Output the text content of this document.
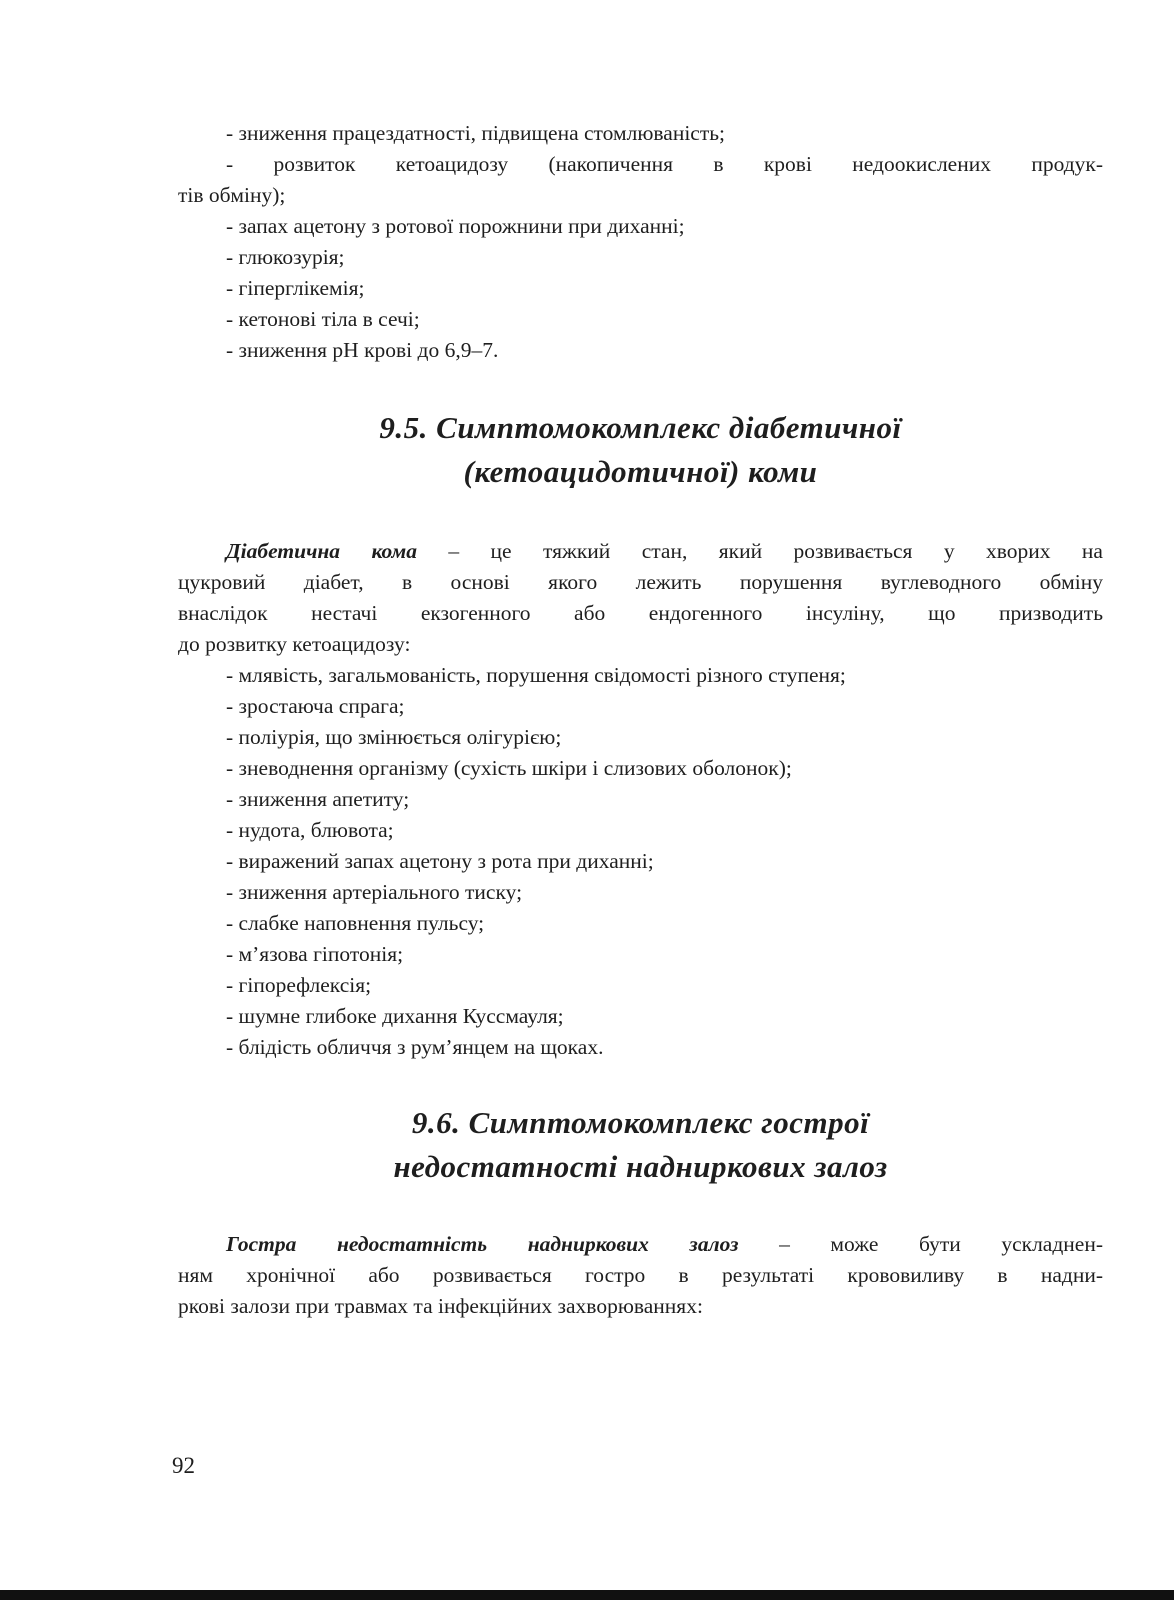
- зниження працездатності, підвищена стомлюваність;
- розвиток кетоацидозу (накопичення в крові недоокислених продук-
тів обміну);
- запах ацетону з ротової порожнини при диханні;
- глюкозурія;
- гіперглікемія;
- кетонові тіла в сечі;
- зниження pH крові до 6,9–7.
9.5. Симптомокомплекс діабетичної
(кетоацидотичної) коми
Діабетична кома – це тяжкий стан, який розвивається у хворих на
цукровий діабет, в основі якого лежить порушення вуглеводного обміну
внаслідок нестачі екзогенного або ендогенного інсуліну, що призводить
до розвитку кетоацидозу:
- млявість, загальмованість, порушення свідомості різного ступеня;
- зростаюча спрага;
- поліурія, що змінюється олігурією;
- зневоднення організму (сухість шкіри і слизових оболонок);
- зниження апетиту;
- нудота, блювота;
- виражений запах ацетону з рота при диханні;
- зниження артеріального тиску;
- слабке наповнення пульсу;
- м’язова гіпотонія;
- гіпорефлексія;
- шумне глибоке дихання Куссмауля;
- блідість обличчя з рум’янцем на щоках.
9.6. Симптомокомплекс гострої
недостатності надниркових залоз
Гостра недостатність надниркових залоз – може бути ускладнен-
ням хронічної або розвивається гостро в результаті крововиливу в надни-
ркові залози при травмах та інфекційних захворюваннях:
92
